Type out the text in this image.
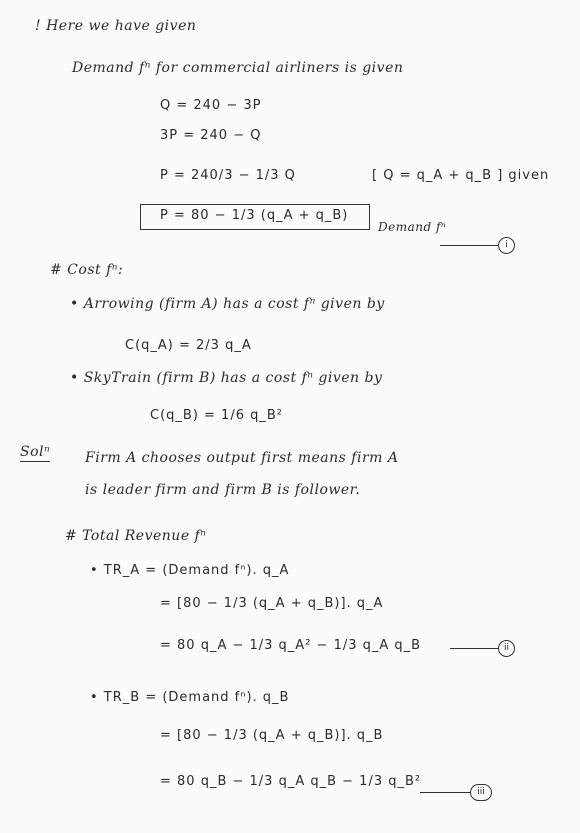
! Here we have given
Demand fⁿ for commercial airliners is given
Q = 240 − 3P
3P = 240 − Q
P = 240/3 − 1/3 Q	[ Q = q_A + q_B ] given
P = 80 − 1/3 (q_A + q_B)
Demand fⁿ
i
# Cost fⁿ:
• Arrowing (firm A) has a cost fⁿ given by
C(q_A) = 2/3 q_A
• SkyTrain (firm B) has a cost fⁿ given by
C(q_B) = 1/6 q_B²
Solⁿ Firm A chooses output first means firm A
is leader firm and firm B is follower.
# Total Revenue fⁿ
• TR_A = (Demand fⁿ). q_A
= [80 − 1/3 (q_A + q_B)]. q_A
= 80 q_A − 1/3 q_A² − 1/3 q_A q_B	ii
• TR_B = (Demand fⁿ). q_B
= [80 − 1/3 (q_A + q_B)]. q_B
= 80 q_B − 1/3 q_A q_B − 1/3 q_B²
iii
